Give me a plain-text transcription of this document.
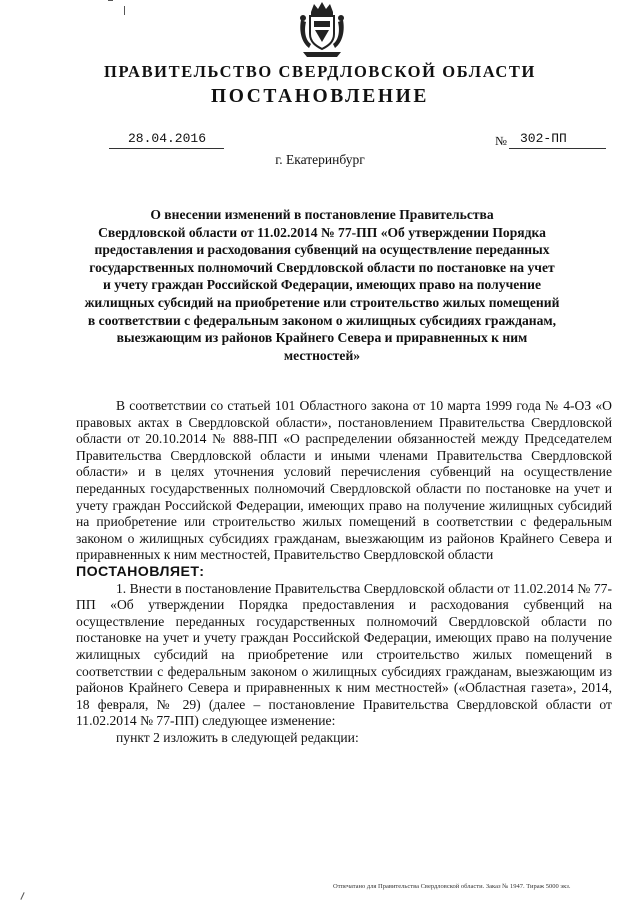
ПРАВИТЕЛЬСТВО СВЕРДЛОВСКОЙ ОБЛАСТИ
ПОСТАНОВЛЕНИЕ
28.04.2016	№ 302-ПП
г. Екатеринбург
О внесении изменений в постановление Правительства
Свердловской области от 11.02.2014 № 77-ПП «Об утверждении Порядка
предоставления и расходования субвенций на осуществление переданных
государственных полномочий Свердловской области по постановке на учет
и учету граждан Российской Федерации, имеющих право на получение
жилищных субсидий на приобретение или строительство жилых помещений
в соответствии с федеральным законом о жилищных субсидиях гражданам,
выезжающим из районов Крайнего Севера и приравненных к ним
местностей»

В соответствии со статьей 101 Областного закона от 10 марта 1999 года № 4-ОЗ «О правовых актах в Свердловской области», постановлением Правительства Свердловской области от 20.10.2014 № 888-ПП «О распределении обязанностей между Председателем Правительства Свердловской области и иными членами Правительства Свердловской области» и в целях уточнения условий перечисления субвенций на осуществление переданных государственных полномочий Свердловской области по постановке на учет и учету граждан Российской Федерации, имеющих право на получение жилищных субсидий на приобретение или строительство жилых помещений в соответствии с федеральным законом о жилищных субсидиях гражданам, выезжающим из районов Крайнего Севера и приравненных к ним местностей, Правительство Свердловской области

ПОСТАНОВЛЯЕТ:

1. Внести в постановление Правительства Свердловской области от 11.02.2014 № 77-ПП «Об утверждении Порядка предоставления и расходования субвенций на осуществление переданных государственных полномочий Свердловской области по постановке на учет и учету граждан Российской Федерации, имеющих право на получение жилищных субсидий на приобретение или строительство жилых помещений в соответствии с федеральным законом о жилищных субсидиях гражданам, выезжающим из районов Крайнего Севера и приравненных к ним местностей» («Областная газета», 2014, 18 февраля, № 29) (далее – постановление Правительства Свердловской области от 11.02.2014 № 77-ПП) следующее изменение:

пункт 2 изложить в следующей редакции:

Отпечатано для Правительства Свердловской области. Заказ № 1947. Тираж 5000 экз.
